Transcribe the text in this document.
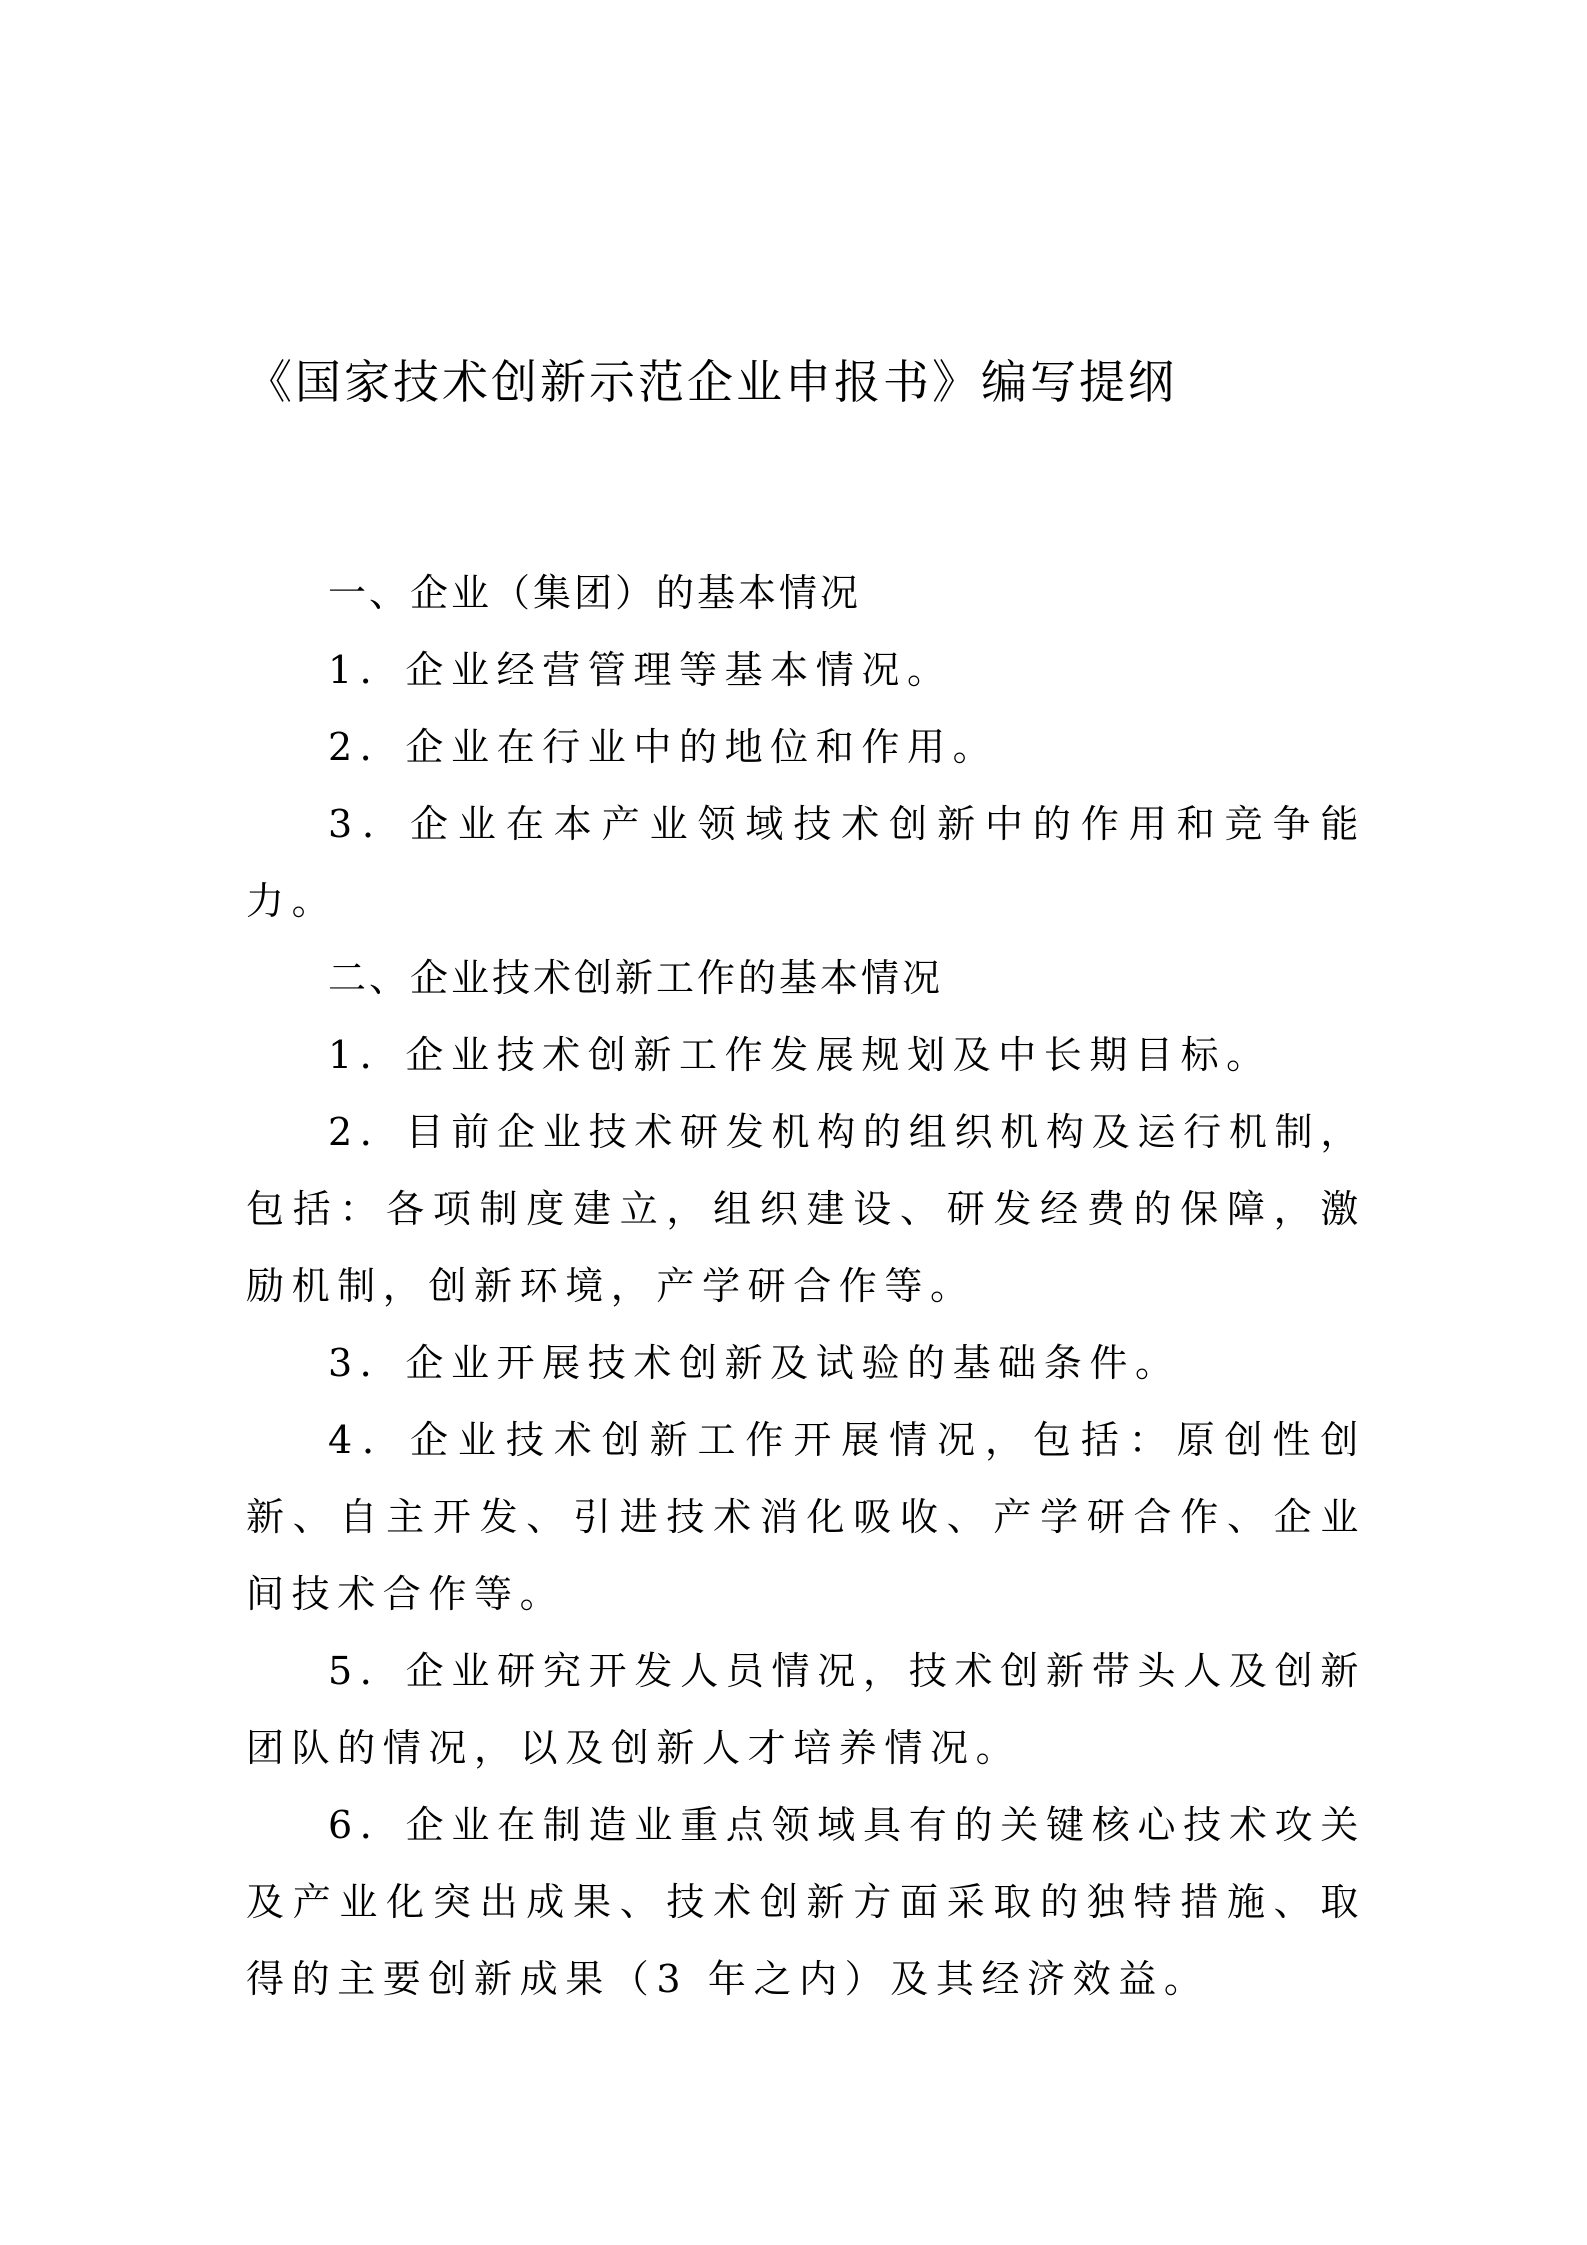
《国家技术创新示范企业申报书》编写提纲

一、企业（集团）的基本情况

1．企业经营管理等基本情况。

2．企业在行业中的地位和作用。

3．企业在本产业领域技术创新中的作用和竞争能力。

二、企业技术创新工作的基本情况

1．企业技术创新工作发展规划及中长期目标。

2．目前企业技术研发机构的组织机构及运行机制，包括：各项制度建立，组织建设、研发经费的保障，激励机制，创新环境，产学研合作等。

3．企业开展技术创新及试验的基础条件。

4．企业技术创新工作开展情况，包括：原创性创新、自主开发、引进技术消化吸收、产学研合作、企业间技术合作等。

5．企业研究开发人员情况，技术创新带头人及创新团队的情况，以及创新人才培养情况。

6．企业在制造业重点领域具有的关键核心技术攻关及产业化突出成果、技术创新方面采取的独特措施、取得的主要创新成果（3 年之内）及其经济效益。
